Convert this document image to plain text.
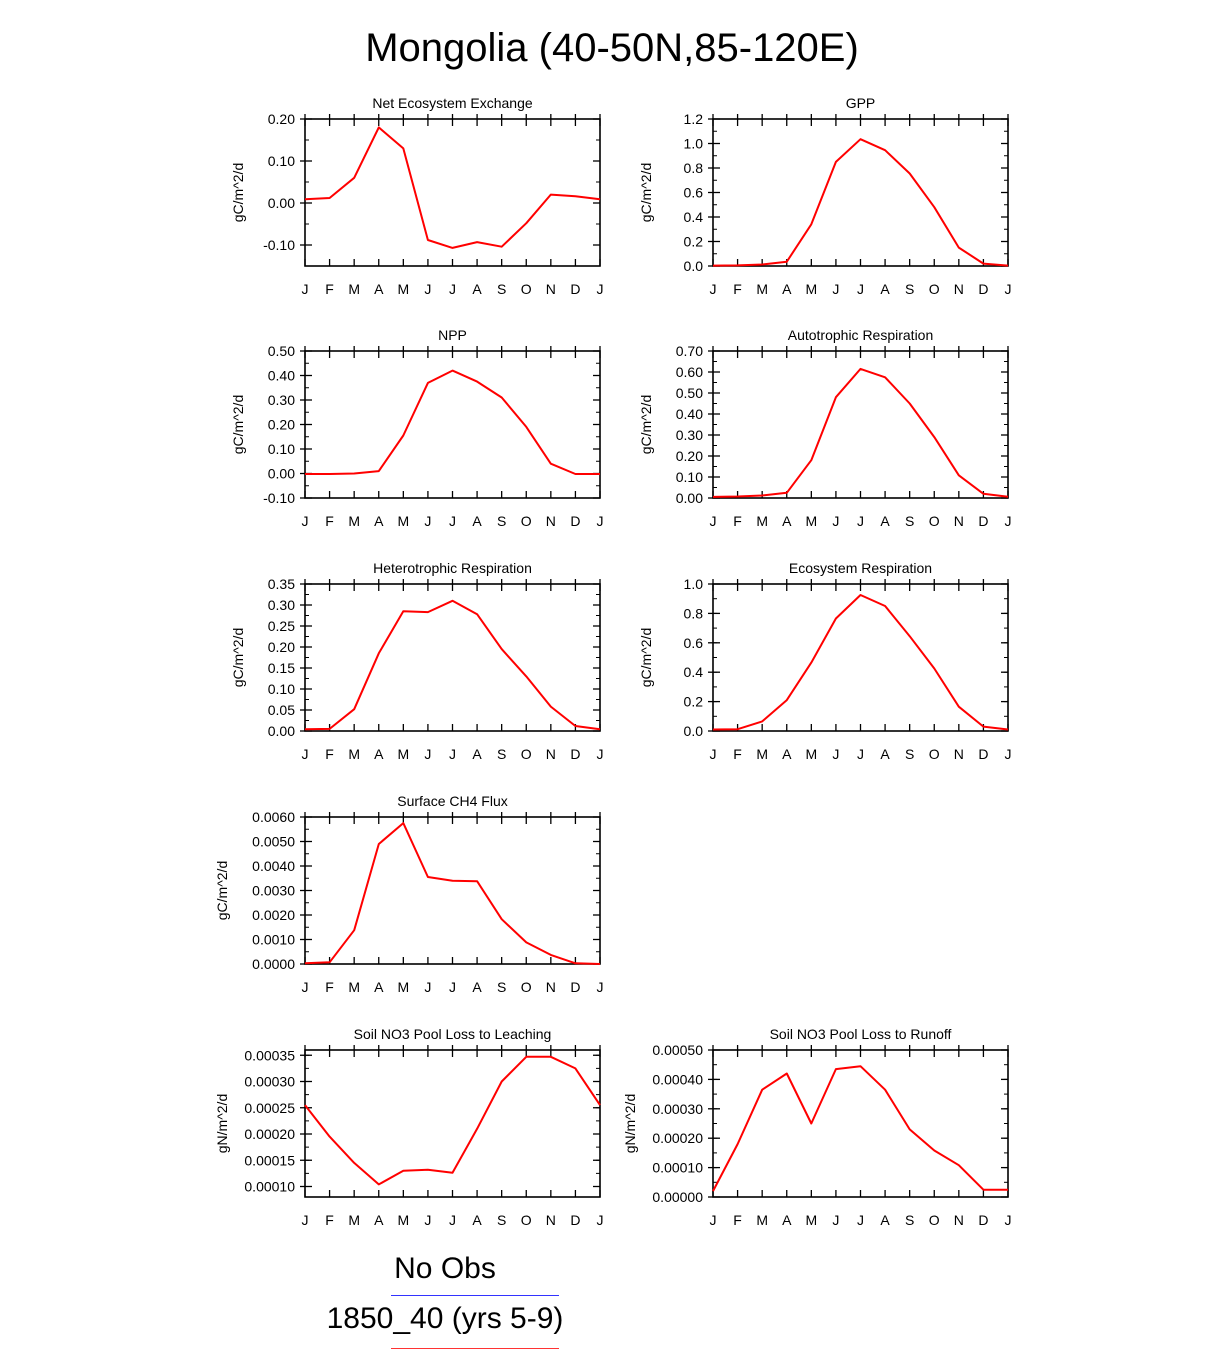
Mongolia (40-50N,85-120E)
Net Ecosystem Exchange
0.20
0.10
0.00
-0.10
J F M A M J J A S O N D J
gC/m^2/d
GPP
1.2
1.0
0.8
0.6
0.4
0.2
0.0
J F M A M J J A S O N D J
gC/m^2/d
NPP
0.50
0.40
0.30
0.20
0.10
0.00
-0.10
J F M A M J J A S O N D J
gC/m^2/d
Autotrophic Respiration
0.70
0.60
0.50
0.40
0.30
0.20
0.10
0.00
J F M A M J J A S O N D J
gC/m^2/d
Heterotrophic Respiration
0.35
0.30
0.25
0.20
0.15
0.10
0.05
0.00
J F M A M J J A S O N D J
gC/m^2/d
Ecosystem Respiration
1.0
0.8
0.6
0.4
0.2
0.0
J F M A M J J A S O N D J
gC/m^2/d
Surface CH4 Flux
0.0060
0.0050
0.0040
0.0030
0.0020
0.0010
0.0000
J F M A M J J A S O N D J
gC/m^2/d
Soil NO3 Pool Loss to Leaching
0.00035
0.00030
0.00025
0.00020
0.00015
0.00010
J F M A M J J A S O N D J
gN/m^2/d
Soil NO3 Pool Loss to Runoff
0.00050
0.00040
0.00030
0.00020
0.00010
0.00000
J F M A M J J A S O N D J
gN/m^2/d
No Obs
1850_40 (yrs 5-9)
